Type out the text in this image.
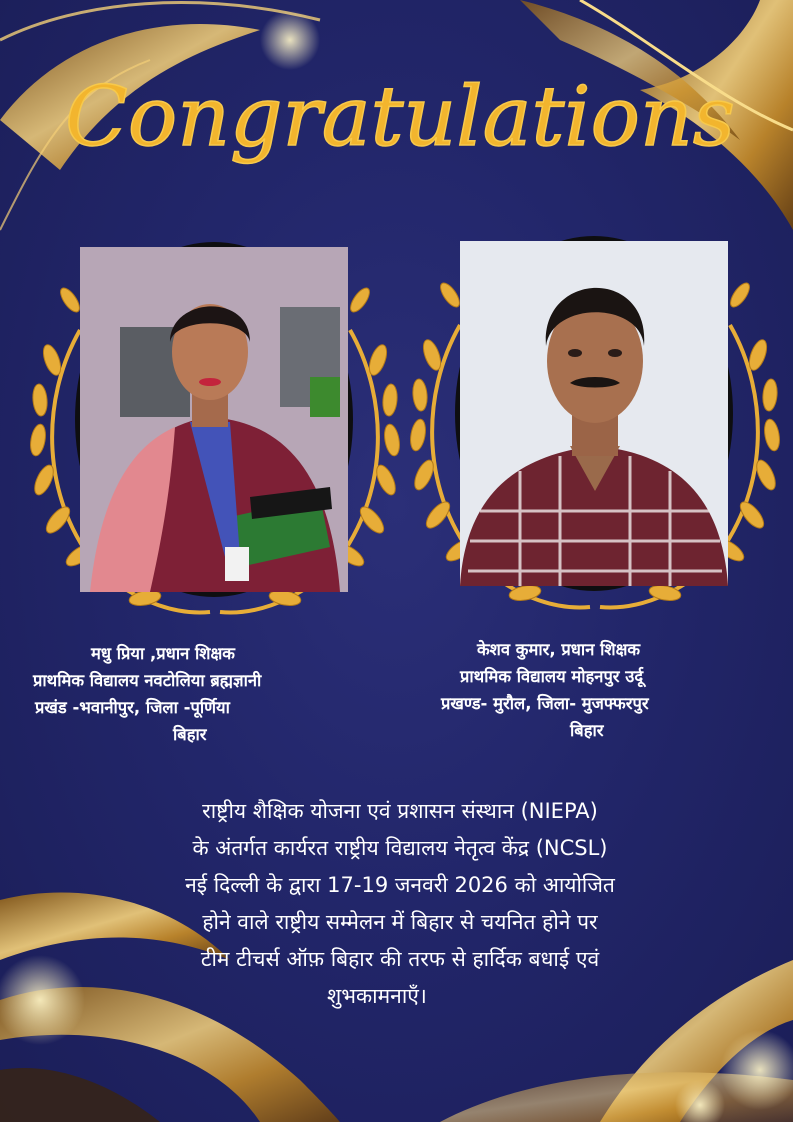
Congratulations
मधु प्रिया ,प्रधान शिक्षक
प्राथमिक विद्यालय नवटोलिया ब्रह्मज्ञानी
प्रखंड -भवानीपुर, जिला -पूर्णिया
बिहार
केशव कुमार, प्रधान शिक्षक
प्राथमिक विद्यालय मोहनपुर उर्दू
प्रखण्ड- मुरौल, जिला- मुजफ्फरपुर
बिहार
राष्ट्रीय शैक्षिक योजना एवं प्रशासन संस्थान (NIEPA)
के अंतर्गत कार्यरत राष्ट्रीय विद्यालय नेतृत्व केंद्र (NCSL)
नई दिल्ली के द्वारा 17-19 जनवरी 2026 को आयोजित
होने वाले राष्ट्रीय सम्मेलन में बिहार से चयनित होने पर
टीम टीचर्स ऑफ़ बिहार की तरफ से हार्दिक बधाई एवं
शुभकामनाएँ।
